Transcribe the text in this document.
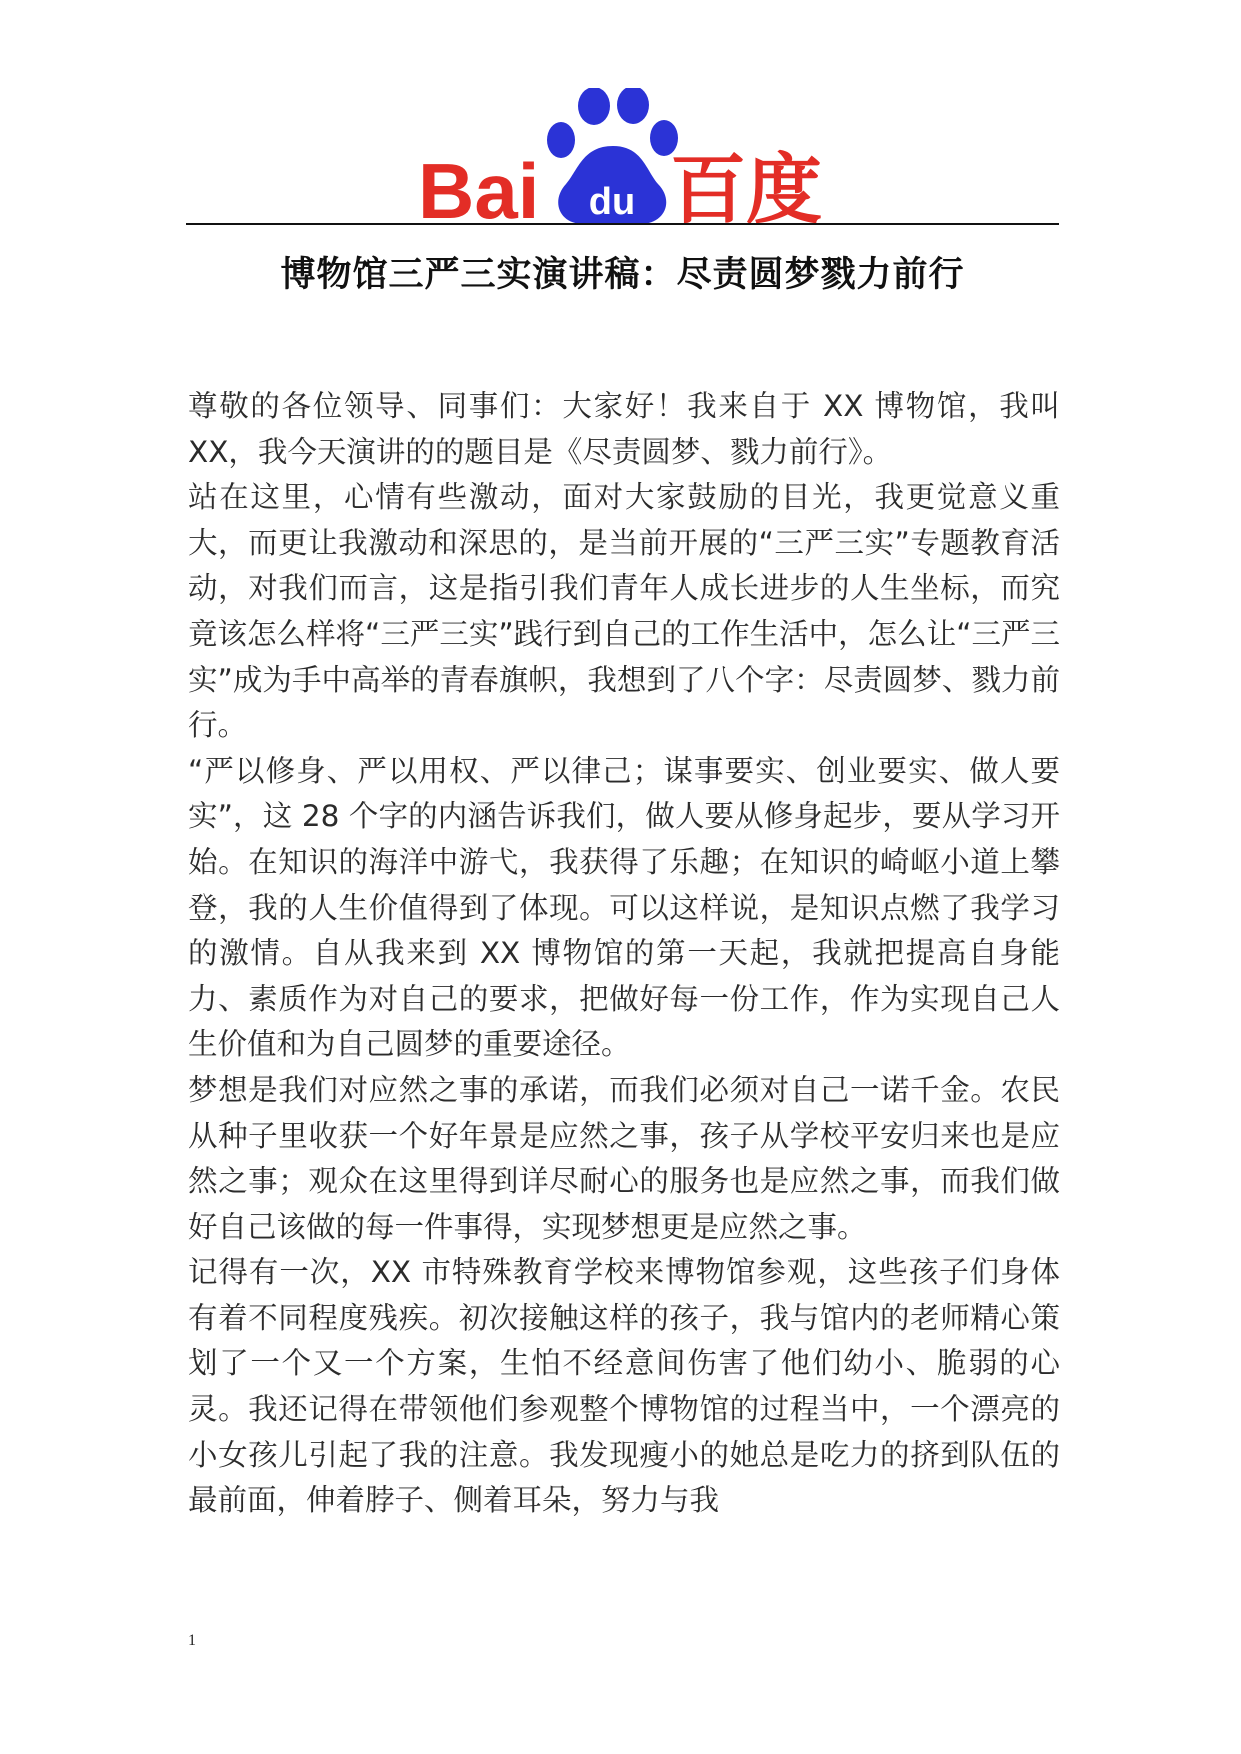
Bai du 百度
博物馆三严三实演讲稿：尽责圆梦戮力前行

尊敬的各位领导、同事们：大家好！我来自于 XX 博物馆，我叫 XX，我今天演讲的的题目是《尽责圆梦、戮力前行》。

站在这里，心情有些激动，面对大家鼓励的目光，我更觉意义重大，而更让我激动和深思的，是当前开展的“三严三实”专题教育活动，对我们而言，这是指引我们青年人成长进步的人生坐标，而究竟该怎么样将“三严三实”践行到自己的工作生活中，怎么让“三严三实”成为手中高举的青春旗帜，我想到了八个字：尽责圆梦、戮力前行。

“严以修身、严以用权、严以律己；谋事要实、创业要实、做人要实”，这 28 个字的内涵告诉我们，做人要从修身起步，要从学习开始。在知识的海洋中游弋，我获得了乐趣；在知识的崎岖小道上攀登，我的人生价值得到了体现。可以这样说，是知识点燃了我学习的激情。自从我来到 XX 博物馆的第一天起，我就把提高自身能力、素质作为对自己的要求，把做好每一份工作，作为实现自己人生价值和为自己圆梦的重要途径。

梦想是我们对应然之事的承诺，而我们必须对自己一诺千金。农民从种子里收获一个好年景是应然之事，孩子从学校平安归来也是应然之事；观众在这里得到详尽耐心的服务也是应然之事，而我们做好自己该做的每一件事得，实现梦想更是应然之事。

记得有一次，XX 市特殊教育学校来博物馆参观，这些孩子们身体有着不同程度残疾。初次接触这样的孩子，我与馆内的老师精心策划了一个又一个方案，生怕不经意间伤害了他们幼小、脆弱的心灵。我还记得在带领他们参观整个博物馆的过程当中，一个漂亮的小女孩儿引起了我的注意。我发现瘦小的她总是吃力的挤到队伍的最前面，伸着脖子、侧着耳朵，努力与我

1
